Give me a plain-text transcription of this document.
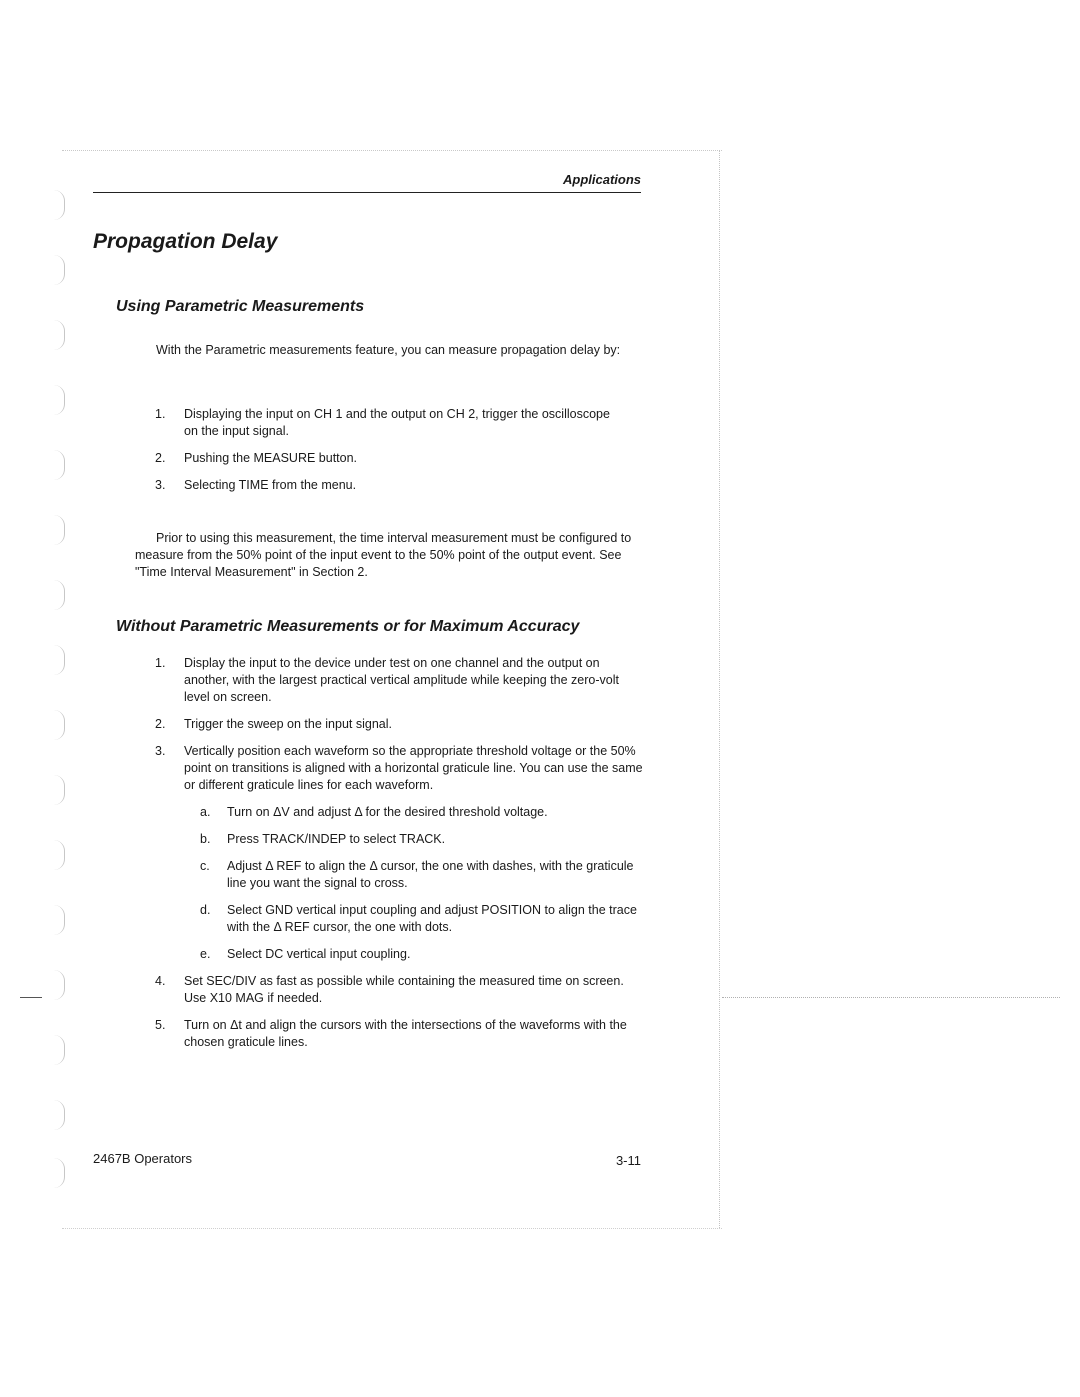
Applications
Propagation Delay
Using Parametric Measurements

With the Parametric measurements feature, you can measure propagation delay by:

1. Displaying the input on CH 1 and the output on CH 2, trigger the oscilloscope on the input signal.
2. Pushing the MEASURE button.
3. Selecting TIME from the menu.

Prior to using this measurement, the time interval measurement must be configured to measure from the 50% point of the input event to the 50% point of the output event. See "Time Interval Measurement" in Section 2.

Without Parametric Measurements or for Maximum Accuracy
1. Display the input to the device under test on one channel and the output on another, with the largest practical vertical amplitude while keeping the zero-volt level on screen.
2. Trigger the sweep on the input signal.
3. Vertically position each waveform so the appropriate threshold voltage or the 50% point on transitions is aligned with a horizontal graticule line. You can use the same or different graticule lines for each waveform.
a. Turn on ΔV and adjust Δ for the desired threshold voltage.
b. Press TRACK/INDEP to select TRACK.
c. Adjust Δ REF to align the Δ cursor, the one with dashes, with the graticule line you want the signal to cross.
d. Select GND vertical input coupling and adjust POSITION to align the trace with the Δ REF cursor, the one with dots.
e. Select DC vertical input coupling.
4. Set SEC/DIV as fast as possible while containing the measured time on screen. Use X10 MAG if needed.
5. Turn on Δt and align the cursors with the intersections of the waveforms with the chosen graticule lines.
2467B Operators	3-11
